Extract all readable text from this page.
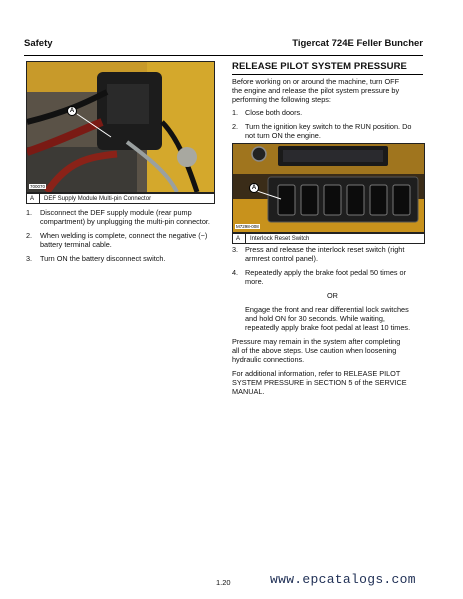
Safety	Tigercat 724E Feller Buncher
A
700070
A	DEF Supply Module Multi-pin Connector
1. Disconnect the DEF supply module (rear pump
compartment) by unplugging the multi-pin connector.
2. When welding is complete, connect the negative (−)
battery terminal cable.
3. Turn ON the battery disconnect switch.
RELEASE PILOT SYSTEM PRESSURE
Before working on or around the machine, turn OFF
the engine and release the pilot system pressure by
performing the following steps:
1. Close both doors.
2. Turn the ignition key switch to the RUN position. Do
not turn ON the engine.
A
M7298-008
A	Interlock Reset Switch
3. Press and release the interlock reset switch (right
armrest control panel).
4. Repeatedly apply the brake foot pedal 50 times or
more.
OR
Engage the front and rear differential lock switches
and hold ON for 30 seconds. While waiting,
repeatedly apply brake foot pedal at least 10 times.
Pressure may remain in the system after completing
all of the above steps. Use caution when loosening
hydraulic connections.
For additional information, refer to RELEASE PILOT
SYSTEM PRESSURE in SECTION 5 of the SERVICE
MANUAL.
1.20	www.epcatalogs.com
